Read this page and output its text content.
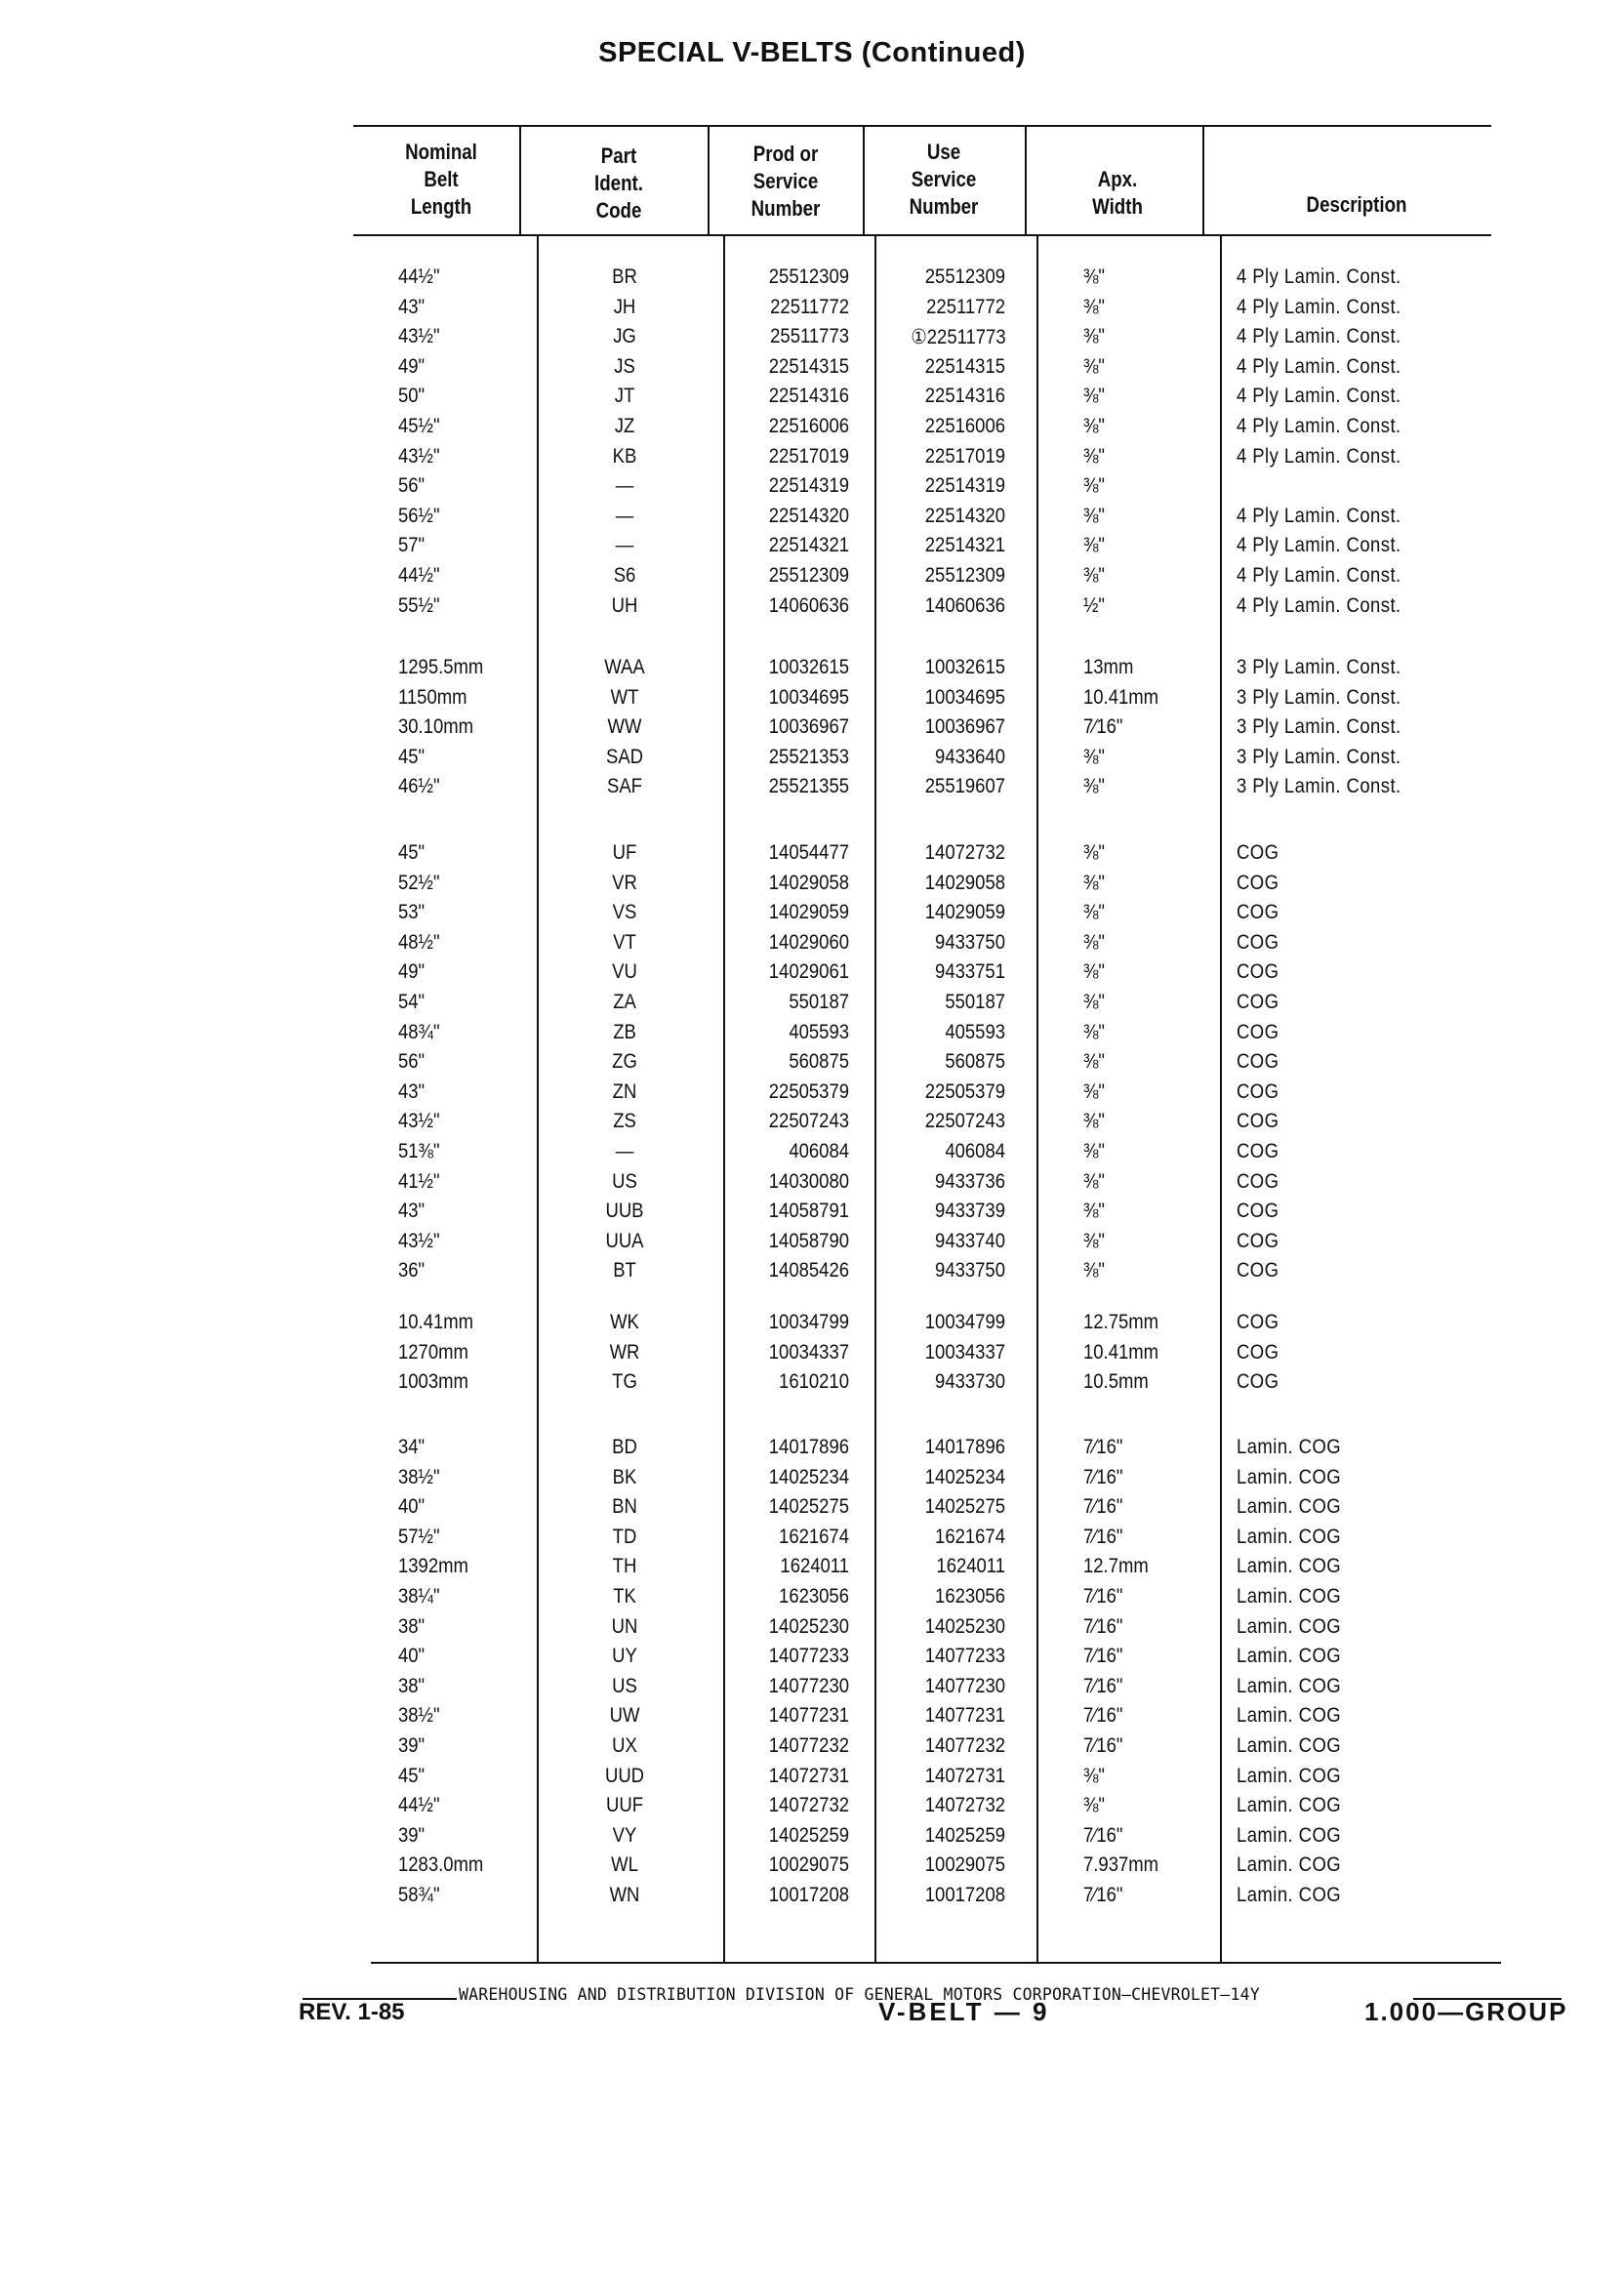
SPECIAL V-BELTS (Continued)
Nominal
Belt
Length
Part
Ident.
Code
Prod or
Service
Number
Use
Service
Number
Apx.
Width	Description
44½"	BR	25512309	25512309	⅜"	4 Ply Lamin. Const.
43"	JH	22511772	22511772	⅜"	4 Ply Lamin. Const.
43½"	JG	25511773	①22511773	⅜"	4 Ply Lamin. Const.
49"	JS	22514315	22514315	⅜"	4 Ply Lamin. Const.
50"	JT	22514316	22514316	⅜"	4 Ply Lamin. Const.
45½"	JZ	22516006	22516006	⅜"	4 Ply Lamin. Const.
43½"	KB	22517019	22517019	⅜"	4 Ply Lamin. Const.
56"	—	22514319	22514319	⅜"
56½"	—	22514320	22514320	⅜"	4 Ply Lamin. Const.
57"	—	22514321	22514321	⅜"	4 Ply Lamin. Const.
44½"	S6	25512309	25512309	⅜"	4 Ply Lamin. Const.
55½"	UH	14060636	14060636	½"	4 Ply Lamin. Const.
1295.5mm	WAA	10032615	10032615	13mm	3 Ply Lamin. Const.
1150mm	WT	10034695	10034695	10.41mm	3 Ply Lamin. Const.
30.10mm	WW	10036967	10036967	7⁄16"	3 Ply Lamin. Const.
45"	SAD	25521353	9433640	⅜"	3 Ply Lamin. Const.
46½"	SAF	25521355	25519607	⅜"	3 Ply Lamin. Const.
45"	UF	14054477	14072732	⅜"	COG
52½"	VR	14029058	14029058	⅜"	COG
53"	VS	14029059	14029059	⅜"	COG
48½"	VT	14029060	9433750	⅜"	COG
49"	VU	14029061	9433751	⅜"	COG
54"	ZA	550187	550187	⅜"	COG
48¾"	ZB	405593	405593	⅜"	COG
56"	ZG	560875	560875	⅜"	COG
43"	ZN	22505379	22505379	⅜"	COG
43½"	ZS	22507243	22507243	⅜"	COG
51⅜"	—	406084	406084	⅜"	COG
41½"	US	14030080	9433736	⅜"	COG
43"	UUB	14058791	9433739	⅜"	COG
43½"	UUA	14058790	9433740	⅜"	COG
36"	BT	14085426	9433750	⅜"	COG
10.41mm	WK	10034799	10034799	12.75mm	COG
1270mm	WR	10034337	10034337	10.41mm	COG
1003mm	TG	1610210	9433730	10.5mm	COG
34"	BD	14017896	14017896	7⁄16"	Lamin. COG
38½"	BK	14025234	14025234	7⁄16"	Lamin. COG
40"	BN	14025275	14025275	7⁄16"	Lamin. COG
57½"	TD	1621674	1621674	7⁄16"	Lamin. COG
1392mm	TH	1624011	1624011	12.7mm	Lamin. COG
38¼"	TK	1623056	1623056	7⁄16"	Lamin. COG
38"	UN	14025230	14025230	7⁄16"	Lamin. COG
40"	UY	14077233	14077233	7⁄16"	Lamin. COG
38"	US	14077230	14077230	7⁄16"	Lamin. COG
38½"	UW	14077231	14077231	7⁄16"	Lamin. COG
39"	UX	14077232	14077232	7⁄16"	Lamin. COG
45"	UUD	14072731	14072731	⅜"	Lamin. COG
44½"	UUF	14072732	14072732	⅜"	Lamin. COG
39"	VY	14025259	14025259	7⁄16"	Lamin. COG
1283.0mm	WL	10029075	10029075	7.937mm	Lamin. COG
58¾"	WN	10017208	10017208	7⁄16"	Lamin. COG
WAREHOUSING AND DISTRIBUTION DIVISION OF GENERAL MOTORS CORPORATION—CHEVROLET—14Y
REV. 1-85	V-BELT — 9	1.000—GROUP
